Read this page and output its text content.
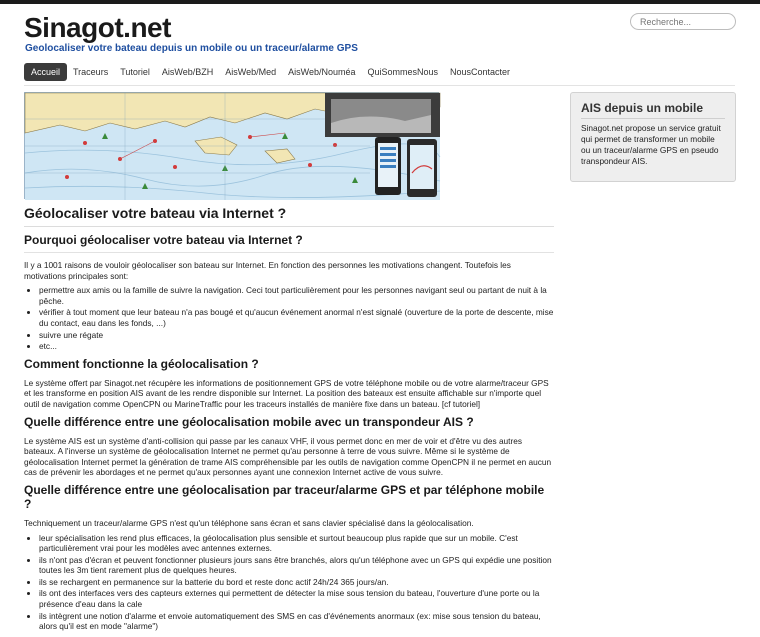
Sinagot.net
Geolocaliser votre bateau depuis un mobile ou un traceur/alarme GPS
Recherche...
Accueil	Traceurs	Tutoriel	AisWeb/BZH	AisWeb/Med	AisWeb/Nouméa	QuiSommesNous	NousContacter
AIS depuis un mobile

Sinagot.net propose un service gratuit qui permet de transformer un mobile ou un traceur/alarme GPS en pseudo transpondeur AIS.

Géolocaliser votre bateau via Internet ?
Pourquoi géolocaliser votre bateau via Internet ?

Il y a 1001 raisons de vouloir géolocaliser son bateau sur Internet. En fonction des personnes les motivations changent. Toutefois les motivations principales sont:

• permettre aux amis ou la famille de suivre la navigation. Ceci tout particulièrement pour les personnes navigant seul ou partant de nuit à la pêche.
• vérifier à tout moment que leur bateau n'a pas bougé et qu'aucun événement anormal n'est signalé (ouverture de la porte de descente, mise du contact, eau dans les fonds, ...)
• suivre une régate
• etc...
Comment fonctionne la géolocalisation ?

Le système offert par Sinagot.net récupère les informations de positionnement GPS de votre téléphone mobile ou de votre alarme/traceur GPS et les transforme en position AIS avant de les rendre disponible sur Internet. La position des bateaux est ensuite affichable sur n'importe quel outil de navigation comme OpenCPN ou MarineTraffic pour les traceurs installés de manière fixe dans un bateau. [cf tutoriel]

Quelle différence entre une géolocalisation mobile avec un transpondeur AIS ?

Le système AIS est un système d'anti-collision qui passe par les canaux VHF, il vous permet donc en mer de voir et d'être vu des autres bateaux. A l'inverse un système de géolocalisation Internet ne permet qu'au personne à terre de vous suivre. Même si le système de géolocalisation Internet permet la génération de trame AIS compréhensible par les outils de navigation comme OpenCPN il ne permet en aucun cas de prévenir les abordages et ne permet qu'aux personnes ayant une connexion Internet active de vous suivre.

Quelle différence entre une géolocalisation par traceur/alarme GPS et par téléphone mobile ?

Techniquement un traceur/alarme GPS n'est qu'un téléphone sans écran et sans clavier spécialisé dans la géolocalisation.

• leur spécialisation les rend plus efficaces, la géolocalisation plus sensible et surtout beaucoup plus rapide que sur un mobile. C'est particulièrement vrai pour les modèles avec antennes externes.
• ils n'ont pas d'écran et peuvent fonctionner plusieurs jours sans être branchés, alors qu'un téléphone avec un GPS qui expédie une position toutes les 3m tient rarement plus de quelques heures.
• ils se rechargent en permanence sur la batterie du bord et reste donc actif 24h/24 365 jours/an.
• ils ont des interfaces vers des capteurs externes qui permettent de détecter la mise sous tension du bateau, l'ouverture d'une porte ou la présence d'eau dans la cale
• ils intègrent une notion d'alarme et envoie automatiquement des SMS en cas d'événements anormaux (ex: mise sous tension du bateau, alors qu'il est en mode "alarme")
